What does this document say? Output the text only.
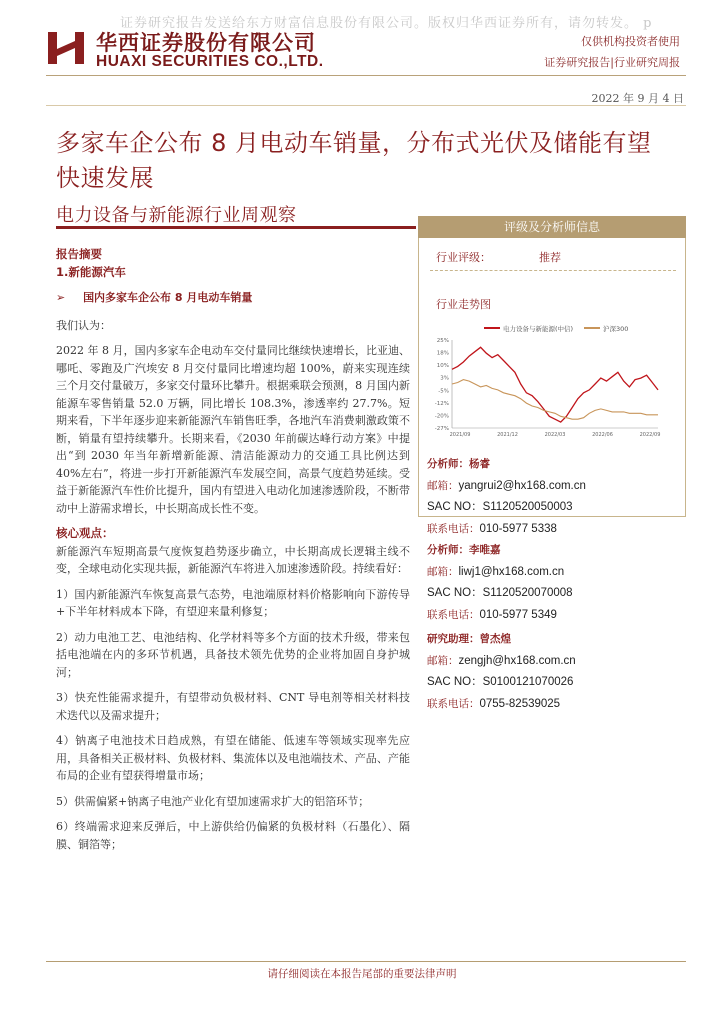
证券研究报告发送给东方财富信息股份有限公司。版权归华西证券所有，请勿转发。 p
华西证券股份有限公司
HUAXI SECURITIES CO.,LTD.
仅供机构投资者使用
证券研究报告|行业研究周报
2022 年 9 月 4 日
多家车企公布 8 月电动车销量，分布式光伏及储能有望快速发展
电力设备与新能源行业周观察
报告摘要
1.新能源汽车
➢ 国内多家车企公布 8 月电动车销量

我们认为：

2022 年 8 月，国内多家车企电动车交付量同比继续快速增长，比亚迪、哪吒、零跑及广汽埃安 8 月交付量同比增速均超 100%，蔚来实现连续三个月交付量破万，多家交付量环比攀升。根据乘联会预测，8 月国内新能源车零售销量 52.0 万辆，同比增长 108.3%，渗透率约 27.7%。短期来看，下半年逐步迎来新能源汽车销售旺季，各地汽车消费刺激政策不断，销量有望持续攀升。长期来看，《2030 年前碳达峰行动方案》中提出“到 2030 年当年新增新能源、清洁能源动力的交通工具比例达到 40%左右”，将进一步打开新能源汽车发展空间，高景气度趋势延续。受益于新能源汽车性价比提升，国内有望进入电动化加速渗透阶段，不断带动中上游需求增长，中长期高成长性不变。

核心观点：

新能源汽车短期高景气度恢复趋势逐步确立，中长期高成长逻辑主线不变，全球电动化实现共振，新能源汽车将进入加速渗透阶段。持续看好：

1）国内新能源汽车恢复高景气态势，电池端原材料价格影响向下游传导+下半年材料成本下降，有望迎来量利修复；

2）动力电池工艺、电池结构、化学材料等多个方面的技术升级，带来包括电池端在内的多环节机遇，具备技术领先优势的企业将加固自身护城河；

3）快充性能需求提升，有望带动负极材料、CNT 导电剂等相关材料技术迭代以及需求提升；

4）钠离子电池技术日趋成熟，有望在储能、低速车等领域实现率先应用，具备相关正极材料、负极材料、集流体以及电池端技术、产品、产能布局的企业有望获得增量市场；

5）供需偏紧+钠离子电池产业化有望加速需求扩大的铝箔环节；

6）终端需求迎来反弹后，中上游供给仍偏紧的负极材料（石墨化）、隔膜、铜箔等；

评级及分析师信息
行业评级：	推荐
行业走势图
电力设备与新能源(中信)	沪深300
25%
18%
10%
3%
-5%
-12%
-20%
-27%
2021/09	2021/12	2022/03	2022/06	2022/09
分析师：杨睿
邮箱：yangrui2@hx168.com.cn
SAC NO：S1120520050003
联系电话：010-5977 5338
分析师：李唯嘉
邮箱：liwj1@hx168.com.cn
SAC NO：S1120520070008
联系电话：010-5977 5349
研究助理：曾杰煌
邮箱：zengjh@hx168.com.cn
SAC NO：S0100121070026
联系电话：0755-82539025
请仔细阅读在本报告尾部的重要法律声明
